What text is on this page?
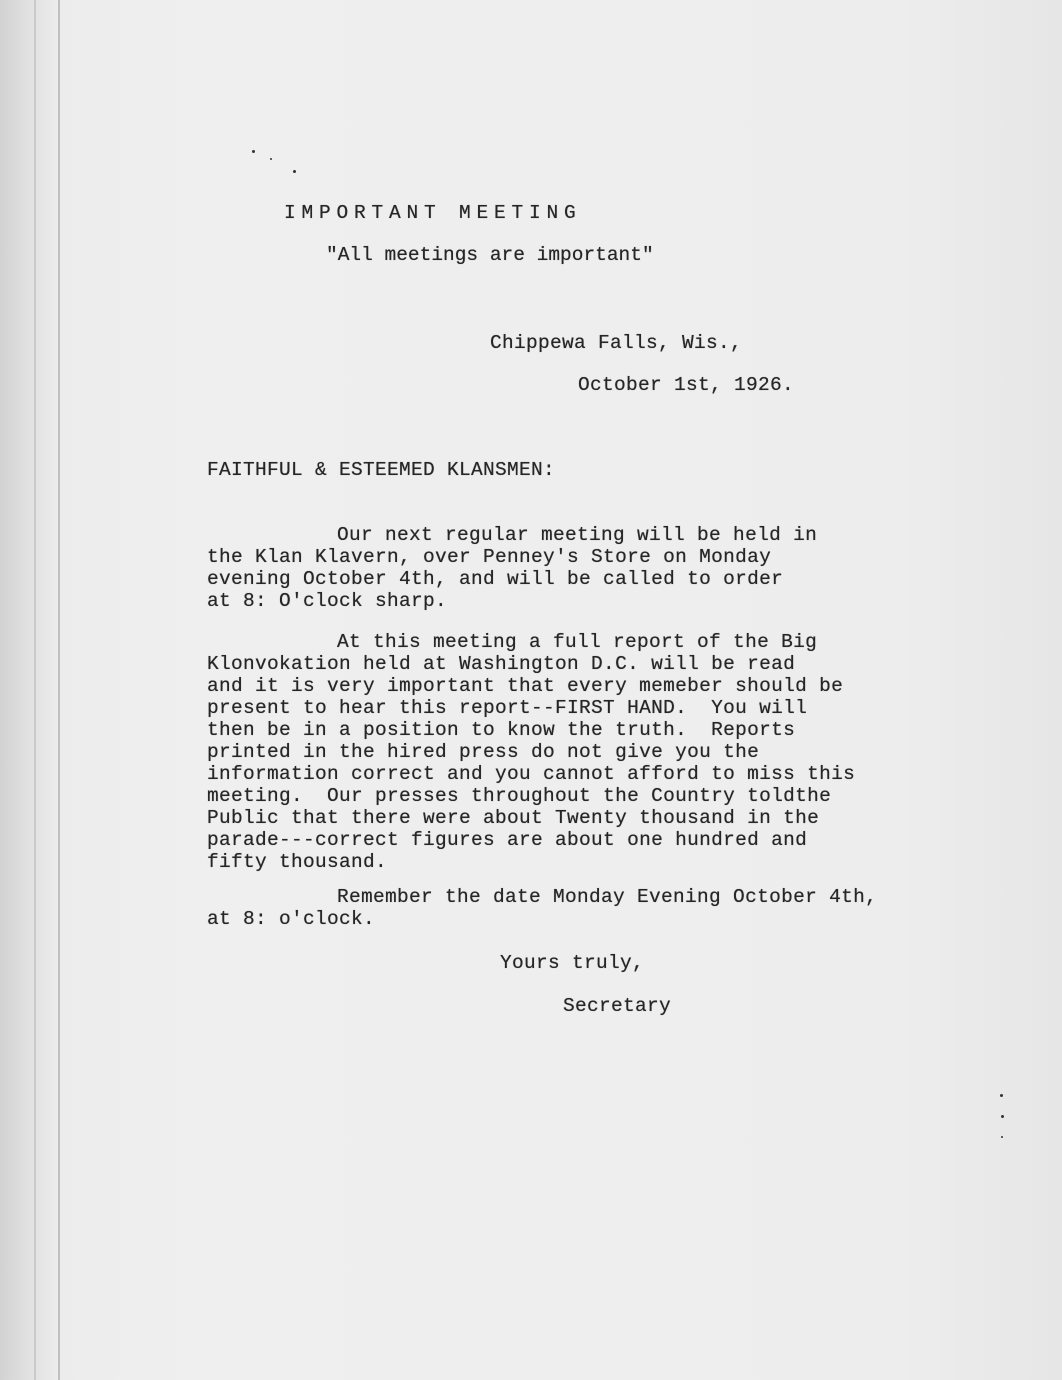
IMPORTANT MEETING
"All meetings are important"
Chippewa Falls, Wis.,
October 1st, 1926.
FAITHFUL & ESTEEMED KLANSMEN:
Our next regular meeting will be held in
the Klan Klavern, over Penney's Store on Monday
evening October 4th, and will be called to order
at 8: O'clock sharp.
At this meeting a full report of the Big
Klonvokation held at Washington D.C. will be read
and it is very important that every memeber should be
present to hear this report--FIRST HAND.  You will
then be in a position to know the truth.  Reports
printed in the hired press do not give you the
information correct and you cannot afford to miss this
meeting.  Our presses throughout the Country toldthe
Public that there were about Twenty thousand in the
parade---correct figures are about one hundred and
fifty thousand.
Remember the date Monday Evening October 4th,
at 8: o'clock.
Yours truly,
Secretary
